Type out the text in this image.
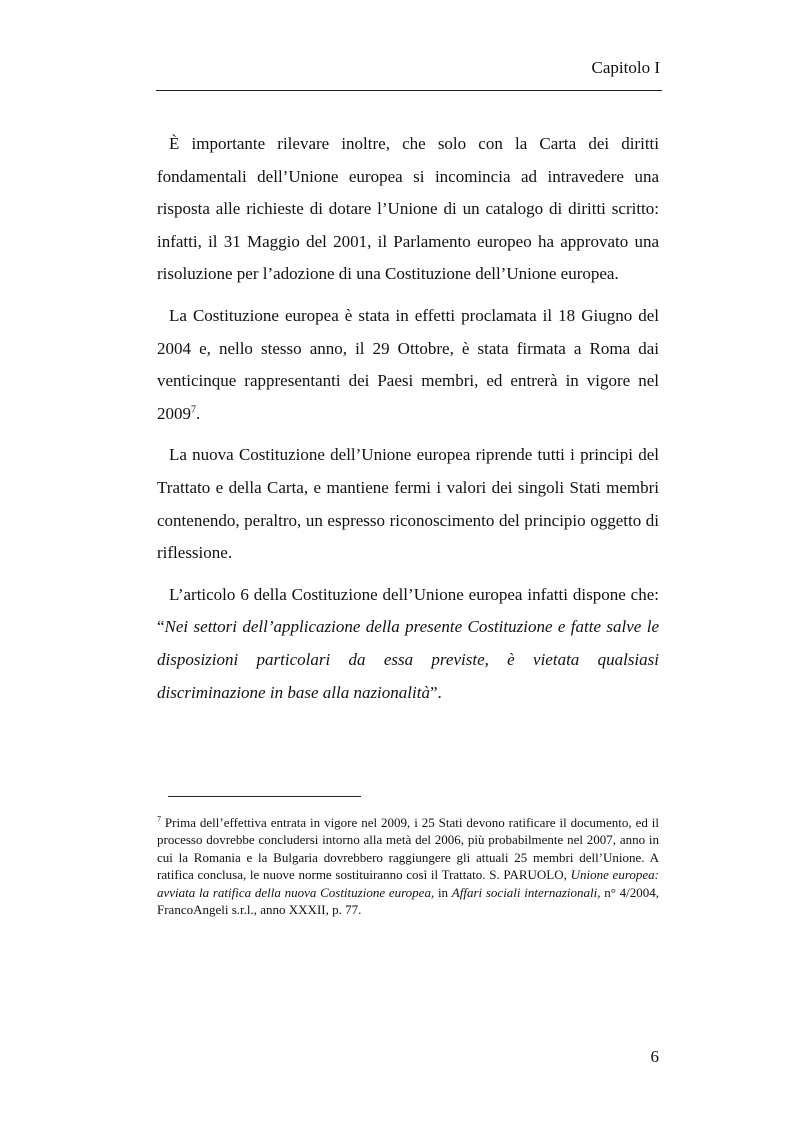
Capitolo I

È importante rilevare inoltre, che solo con la Carta dei diritti fondamentali dell’Unione europea si incomincia ad intravedere una risposta alle richieste di dotare l’Unione di un catalogo di diritti scritto: infatti, il 31 Maggio del 2001, il Parlamento europeo ha approvato una risoluzione per l’adozione di una Costituzione dell’Unione europea.

La Costituzione europea è stata in effetti proclamata il 18 Giugno del 2004 e, nello stesso anno, il 29 Ottobre, è stata firmata a Roma dai venticinque rappresentanti dei Paesi membri, ed entrerà in vigore nel 2009$^7$.

La nuova Costituzione dell’Unione europea riprende tutti i principi del Trattato e della Carta, e mantiene fermi i valori dei singoli Stati membri contenendo, peraltro, un espresso riconoscimento del principio oggetto di riflessione.

L’articolo 6 della Costituzione dell’Unione europea infatti dispone che: “Nei settori dell’applicazione della presente Costituzione e fatte salve le disposizioni particolari da essa previste, è vietata qualsiasi discriminazione in base alla nazionalità”.

$^7$ Prima dell’effettiva entrata in vigore nel 2009, i 25 Stati devono ratificare il documento, ed il processo dovrebbe concludersi intorno alla metà del 2006, più probabilmente nel 2007, anno in cui la Romania e la Bulgaria dovrebbero raggiungere gli attuali 25 membri dell’Unione. A ratifica conclusa, le nuove norme sostituiranno così il Trattato. S. PARUOLO, Unione europea: avviata la ratifica della nuova Costituzione europea, in Affari sociali internazionali, n° 4/2004, FrancoAngeli s.r.l., anno XXXII, p. 77.
6
